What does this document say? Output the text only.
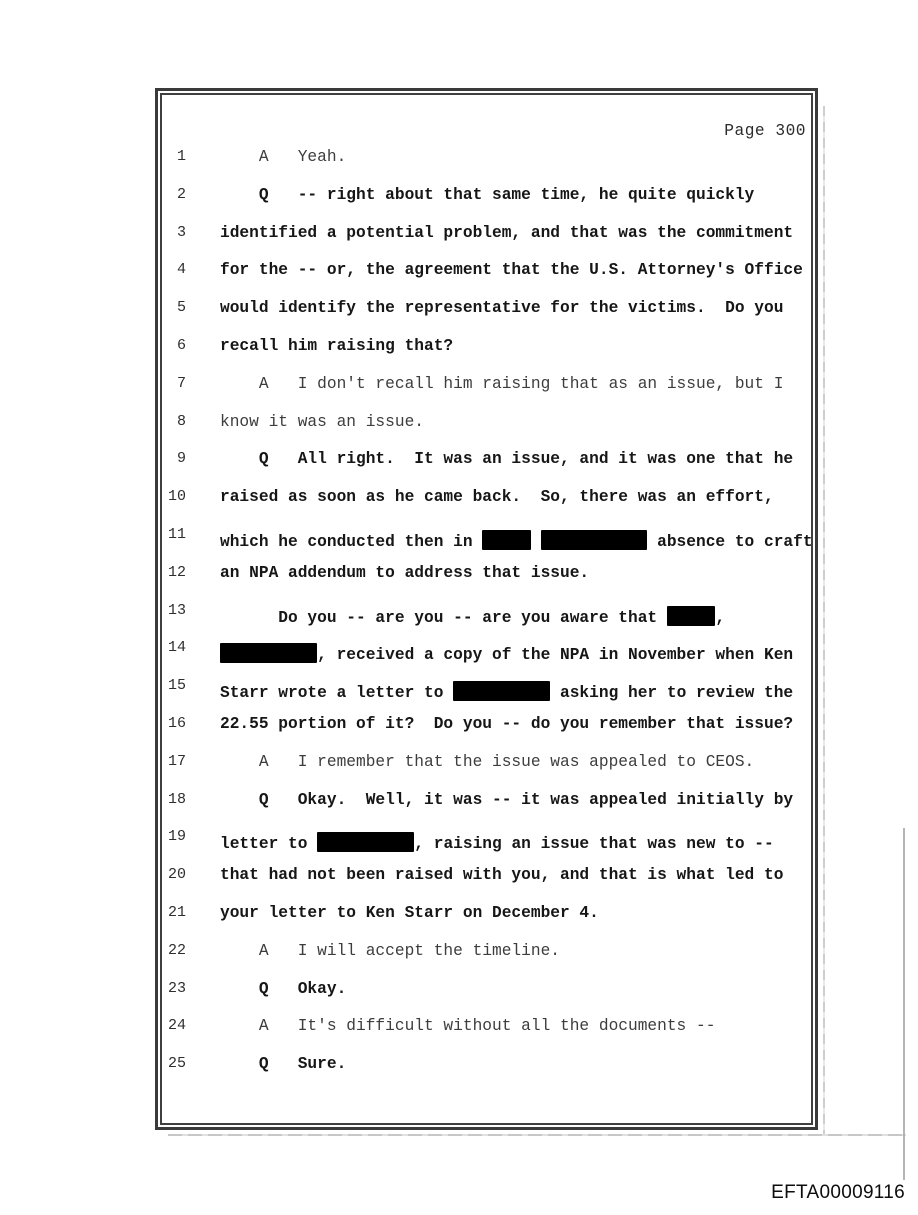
Page 300
1 A   Yeah.
2 Q   -- right about that same time, he quite quickly
3 identified a potential problem, and that was the commitment
4 for the -- or, the agreement that the U.S. Attorney's Office
5 would identify the representative for the victims.  Do you
6 recall him raising that?
7 A   I don't recall him raising that as an issue, but I
8 know it was an issue.
9 Q   All right.  It was an issue, and it was one that he
10 raised as soon as he came back.  So, there was an effort,
11 which he conducted then in	absence to craft
12 an NPA addendum to address that issue.
13 Do you -- are you -- are you aware that	,
14	, received a copy of the NPA in November when Ken
15 Starr wrote a letter to	asking her to review the
16 22.55 portion of it?  Do you -- do you remember that issue?
17 A   I remember that the issue was appealed to CEOS.
18 Q   Okay.  Well, it was -- it was appealed initially by
19 letter to	, raising an issue that was new to --
20 that had not been raised with you, and that is what led to
21 your letter to Ken Starr on December 4.
22 A   I will accept the timeline.
23 Q   Okay.
24 A   It's difficult without all the documents --
25 Q   Sure.
EFTA00009116
